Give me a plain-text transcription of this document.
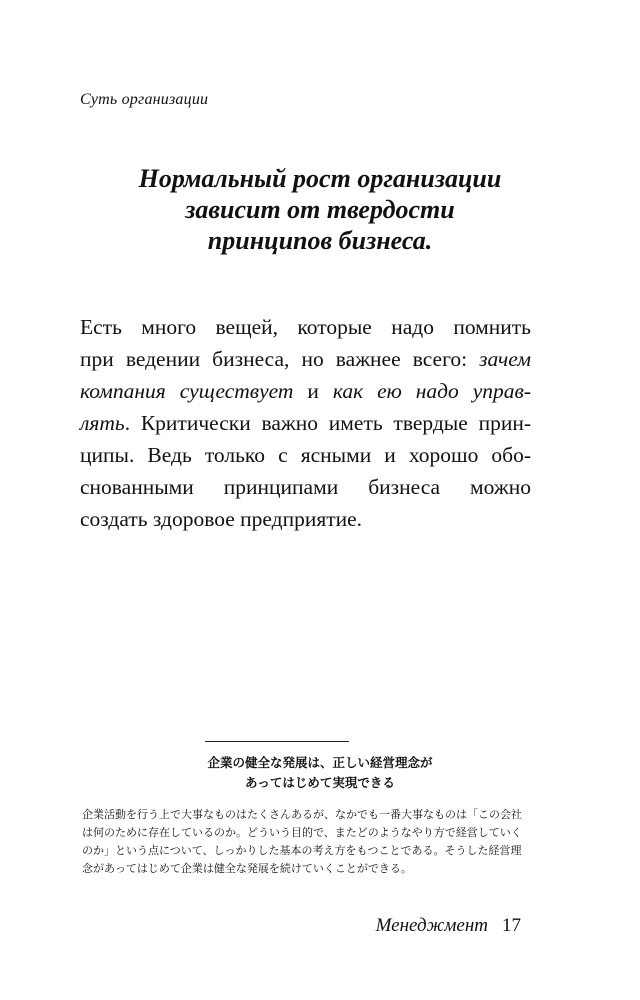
Суть организации
Нормальный рост организации
зависит от твердости
принципов бизнеса.
Есть много вещей, которые надо помнить
при ведении бизнеса, но важнее всего: зачем
компания существует и как ею надо управ-
лять. Критически важно иметь твердые прин-
ципы. Ведь только с ясными и хорошо обо-
снованными принципами бизнеса можно
создать здоровое предприятие.
企業の健全な発展は、正しい経営理念が
あってはじめて実現できる
企業活動を行う上で大事なものはたくさんあるが、なかでも一番大事なものは「この会社
は何のために存在しているのか。どういう目的で、またどのようなやり方で経営していく
のか」という点について、しっかりした基本の考え方をもつことである。そうした経営理
念があってはじめて企業は健全な発展を続けていくことができる。
Менеджмент 17
